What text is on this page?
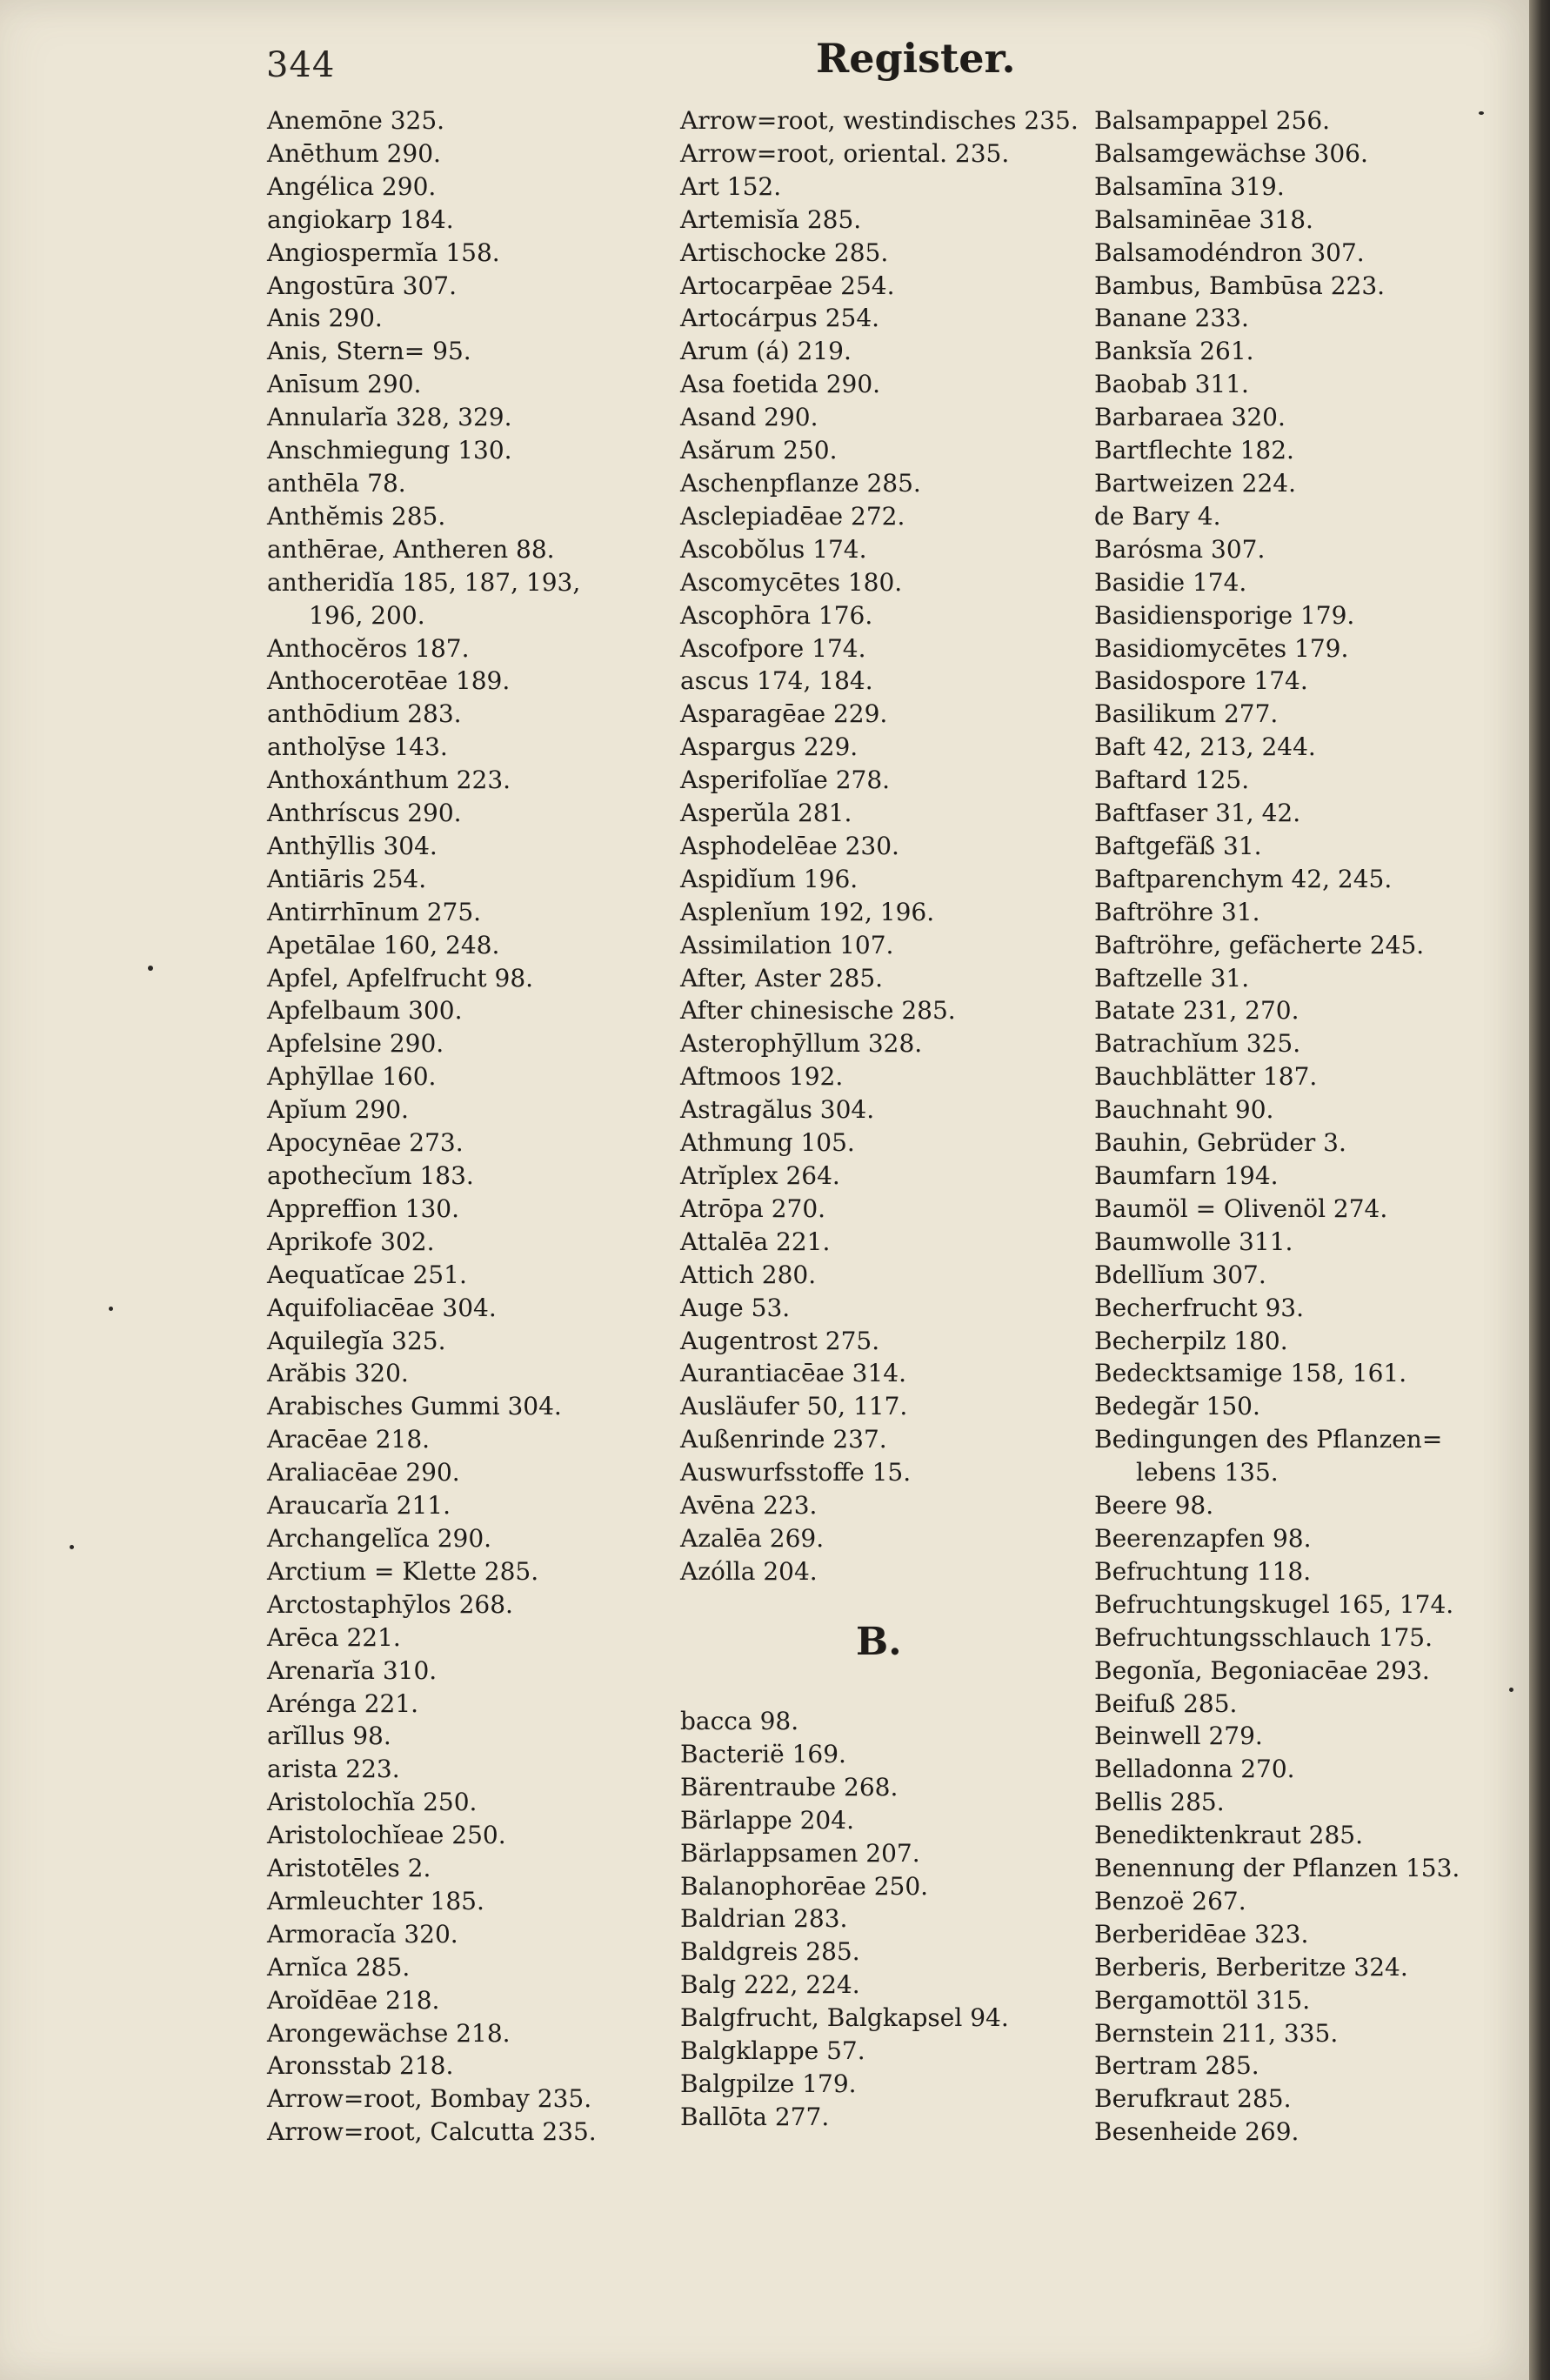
344	Register.
Anemōne 325.
Anēthum 290.
Angélica 290.
angiokarp 184.
Angiospermĭa 158.
Angostūra 307.
Anis 290.
Anis, Stern= 95.
Anīsum 290.
Annularĭa 328, 329.
Anschmiegung 130.
anthēla 78.
Anthĕmis 285.
anthērae, Antheren 88.
antheridĭa 185, 187, 193,
196, 200.
Anthocĕros 187.
Anthocerotēae 189.
anthōdium 283.
antholȳse 143.
Anthoxánthum 223.
Anthríscus 290.
Anthȳllis 304.
Antiāris 254.
Antirrhīnum 275.
Apetālae 160, 248.
Apfel, Apfelfrucht 98.
Apfelbaum 300.
Apfelsine 290.
Aphȳllae 160.
Apĭum 290.
Apocynēae 273.
apothecĭum 183.
Appreffion 130.
Aprikofe 302.
Aequatĭcae 251.
Aquifoliacēae 304.
Aquilegĭa 325.
Arăbis 320.
Arabisches Gummi 304.
Aracēae 218.
Araliacēae 290.
Araucarĭa 211.
Archangelĭca 290.
Arctium = Klette 285.
Arctostaphȳlos 268.
Arēca 221.
Arenarĭa 310.
Arénga 221.
arĭllus 98.
arista 223.
Aristolochĭa 250.
Aristolochĭeae 250.
Aristotēles 2.
Armleuchter 185.
Armoracĭa 320.
Arnĭca 285.
Aroĭdēae 218.
Arongewächse 218.
Aronsstab 218.
Arrow=root, Bombay 235.
Arrow=root, Calcutta 235.
Arrow=root, westindisches 235.
Arrow=root, oriental. 235.
Art 152.
Artemisĭa 285.
Artischocke 285.
Artocarpēae 254.
Artocárpus 254.
Arum (á) 219.
Asa foetida 290.
Asand 290.
Asărum 250.
Aschenpflanze 285.
Asclepiadēae 272.
Ascobŏlus 174.
Ascomycētes 180.
Ascophōra 176.
Ascofpore 174.
ascus 174, 184.
Asparagēae 229.
Aspargus 229.
Asperifolĭae 278.
Asperŭla 281.
Asphodelēae 230.
Aspidĭum 196.
Asplenĭum 192, 196.
Assimilation 107.
After, Aster 285.
After chinesische 285.
Asterophȳllum 328.
Aftmoos 192.
Astragălus 304.
Athmung 105.
Atrĭplex 264.
Atrōpa 270.
Attalēa 221.
Attich 280.
Auge 53.
Augentrost 275.
Aurantiacēae 314.
Ausläufer 50, 117.
Außenrinde 237.
Auswurfsstoffe 15.
Avēna 223.
Azalēa 269.
Azólla 204.
B.
bacca 98.
Bacterië 169.
Bärentraube 268.
Bärlappe 204.
Bärlappsamen 207.
Balanophorēae 250.
Baldrian 283.
Baldgreis 285.
Balg 222, 224.
Balgfrucht, Balgkapsel 94.
Balgklappe 57.
Balgpilze 179.
Ballōta 277.
Balsampappel 256.
Balsamgewächse 306.
Balsamīna 319.
Balsaminēae 318.
Balsamodéndron 307.
Bambus, Bambūsa 223.
Banane 233.
Banksĭa 261.
Baobab 311.
Barbaraea 320.
Bartflechte 182.
Bartweizen 224.
de Bary 4.
Barósma 307.
Basidie 174.
Basidiensporige 179.
Basidiomycētes 179.
Basidospore 174.
Basilikum 277.
Baft 42, 213, 244.
Baftard 125.
Baftfaser 31, 42.
Baftgefäß 31.
Baftparenchym 42, 245.
Baftröhre 31.
Baftröhre, gefächerte 245.
Baftzelle 31.
Batate 231, 270.
Batrachĭum 325.
Bauchblätter 187.
Bauchnaht 90.
Bauhin, Gebrüder 3.
Baumfarn 194.
Baumöl = Olivenöl 274.
Baumwolle 311.
Bdellĭum 307.
Becherfrucht 93.
Becherpilz 180.
Bedecktsamige 158, 161.
Bedegăr 150.
Bedingungen des Pflanzen=
lebens 135.
Beere 98.
Beerenzapfen 98.
Befruchtung 118.
Befruchtungskugel 165, 174.
Befruchtungsschlauch 175.
Begonĭa, Begoniacēae 293.
Beifuß 285.
Beinwell 279.
Belladonna 270.
Bellis 285.
Benediktenkraut 285.
Benennung der Pflanzen 153.
Benzoë 267.
Berberidēae 323.
Berberis, Berberitze 324.
Bergamottöl 315.
Bernstein 211, 335.
Bertram 285.
Berufkraut 285.
Besenheide 269.
